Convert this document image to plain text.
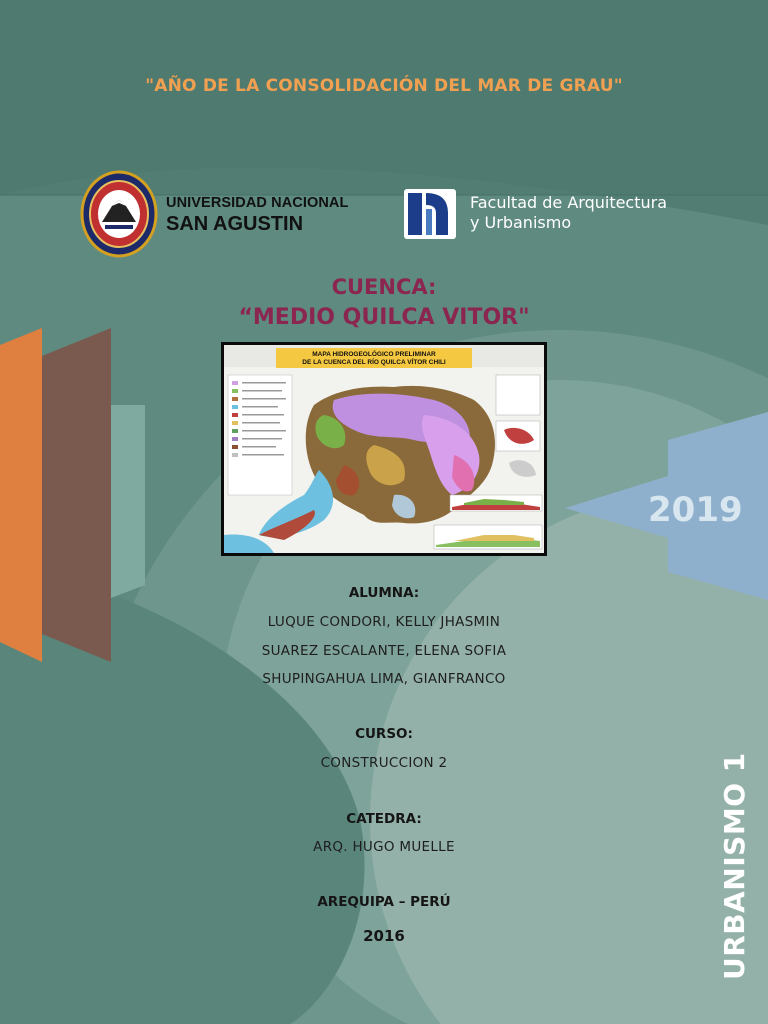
"AÑO DE LA CONSOLIDACIÓN DEL MAR DE GRAU"
UNIVERSIDAD NACIONAL
SAN AGUSTIN
Facultad de Arquitectura
y Urbanismo
CUENCA:
“MEDIO QUILCA VITOR"
MAPA HIDROGEOLÓGICO PRELIMINAR
DE LA CUENCA DEL RÍO QUILCA VÍTOR CHILI
2019
ALUMNA:
LUQUE CONDORI, KELLY JHASMIN
SUAREZ ESCALANTE, ELENA SOFIA
SHUPINGAHUA LIMA, GIANFRANCO
CURSO:
CONSTRUCCION 2
CATEDRA:
ARQ. HUGO MUELLE
AREQUIPA – PERÚ
2016	URBANISMO 1
